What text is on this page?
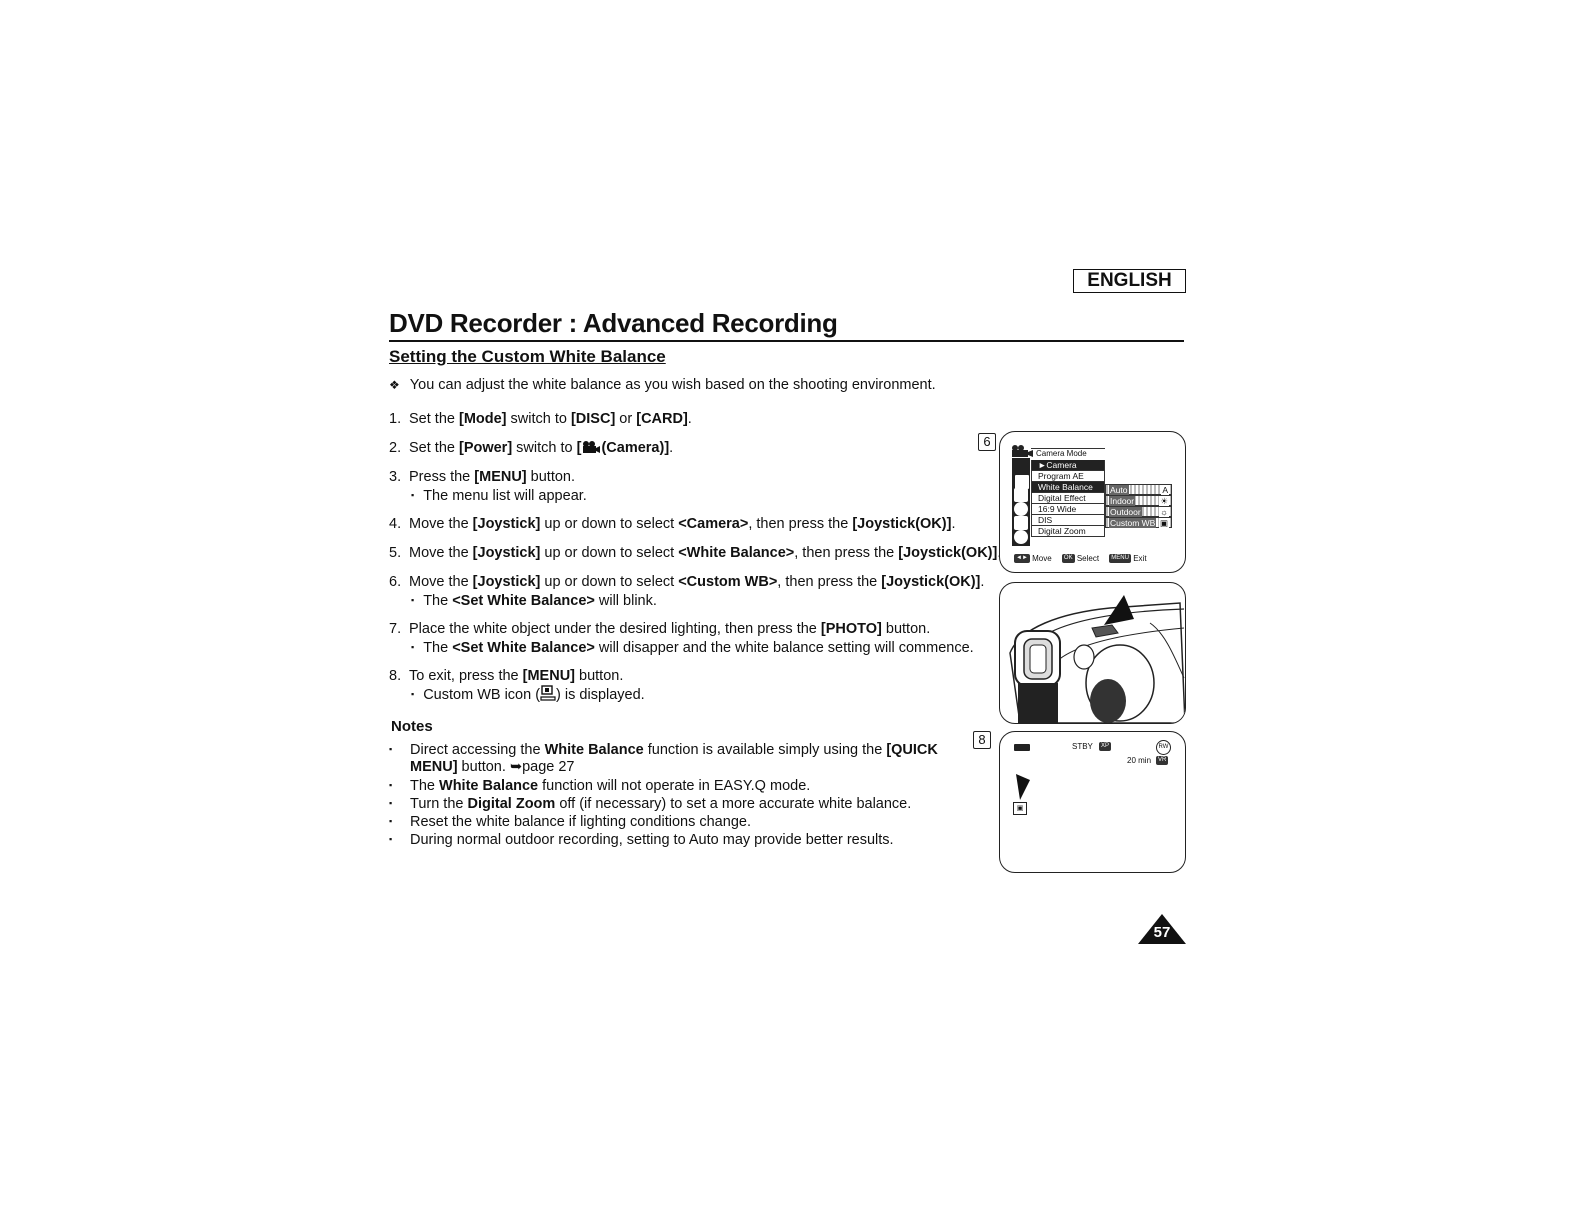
ENGLISH
DVD Recorder : Advanced Recording
Setting the Custom White Balance
❖ You can adjust the white balance as you wish based on the shooting environment.
1. Set the [Mode] switch to [DISC] or [CARD].
2. Set the [Power] switch to [ (Camera)].
3. Press the [MENU] button.
▪ The menu list will appear.
4. Move the [Joystick] up or down to select <Camera>, then press the [Joystick(OK)].
5. Move the [Joystick] up or down to select <White Balance>, then press the [Joystick(OK)]
6. Move the [Joystick] up or down to select <Custom WB>, then press the [Joystick(OK)].
▪ The <Set White Balance> will blink.
7. Place the white object under the desired lighting, then press the [PHOTO] button.
▪ The <Set White Balance> will disapper and the white balance setting will commence.
8. To exit, press the [MENU] button.
▪ Custom WB icon ( ) is displayed.
Notes
▪ Direct accessing the White Balance function is available simply using the [QUICK
▪ The White Balance function will not operate in EASY.Q mode.
▪ Turn the Digital Zoom off (if necessary) to set a more accurate white balance.
▪ Reset the white balance if lighting conditions change.
▪ During normal outdoor recording, setting to Auto may provide better results.
MENU] button. ➥page 27
6
Camera Mode
►Camera
Program AE
White Balance
Digital Effect
16:9 Wide
DIS
Digital Zoom
Auto	A
Indoor	☀
Outdoor ☼
Custom WB ▣
◄► Move OK Select MENU Exit
8	STBY	XP	RW
20 min	VR
▣
57
